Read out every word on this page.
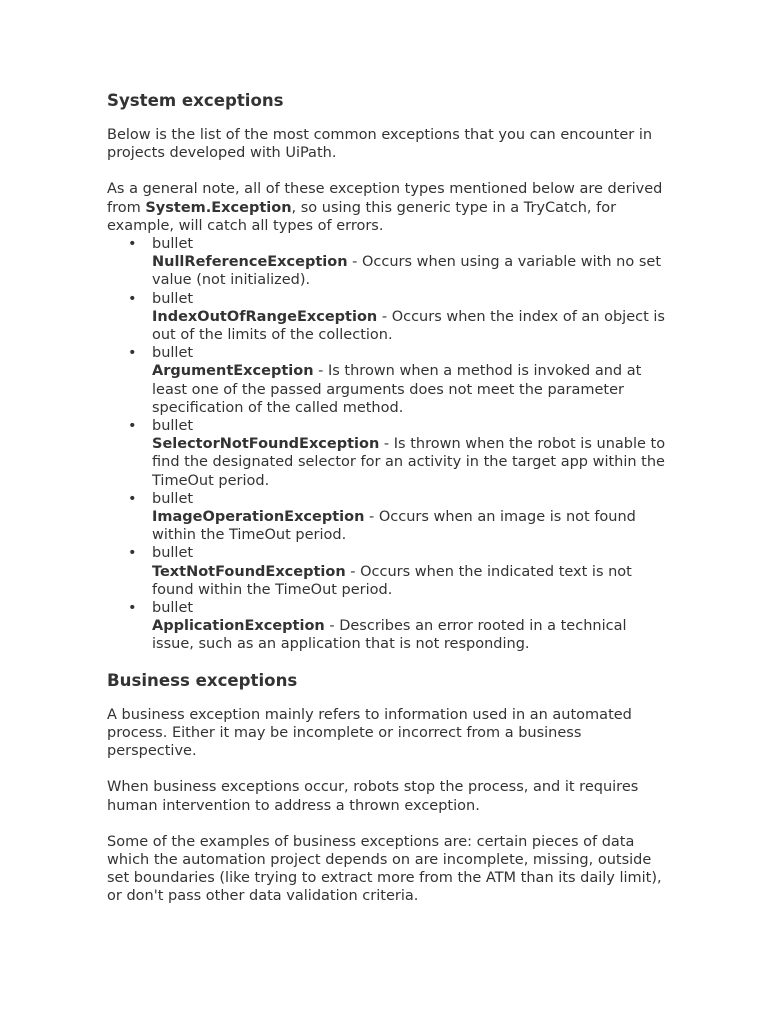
System exceptions

Below is the list of the most common exceptions that you can encounter in projects developed with UiPath.

As a general note, all of these exception types mentioned below are derived from System.Exception, so using this generic type in a TryCatch, for example, will catch all types of errors.

• bullet
NullReferenceException - Occurs when using a variable with no set value (not initialized).
• bullet
IndexOutOfRangeException - Occurs when the index of an object is out of the limits of the collection.
• bullet
ArgumentException - Is thrown when a method is invoked and at least one of the passed arguments does not meet the parameter specification of the called method.
• bullet
SelectorNotFoundException - Is thrown when the robot is unable to find the designated selector for an activity in the target app within the TimeOut period.
• bullet
ImageOperationException - Occurs when an image is not found within the TimeOut period.
• bullet
TextNotFoundException - Occurs when the indicated text is not found within the TimeOut period.
• bullet
ApplicationException - Describes an error rooted in a technical issue, such as an application that is not responding.
Business exceptions

A business exception mainly refers to information used in an automated process. Either it may be incomplete or incorrect from a business perspective.

When business exceptions occur, robots stop the process, and it requires human intervention to address a thrown exception.

Some of the examples of business exceptions are: certain pieces of data which the automation project depends on are incomplete, missing, outside set boundaries (like trying to extract more from the ATM than its daily limit), or don't pass other data validation criteria.
